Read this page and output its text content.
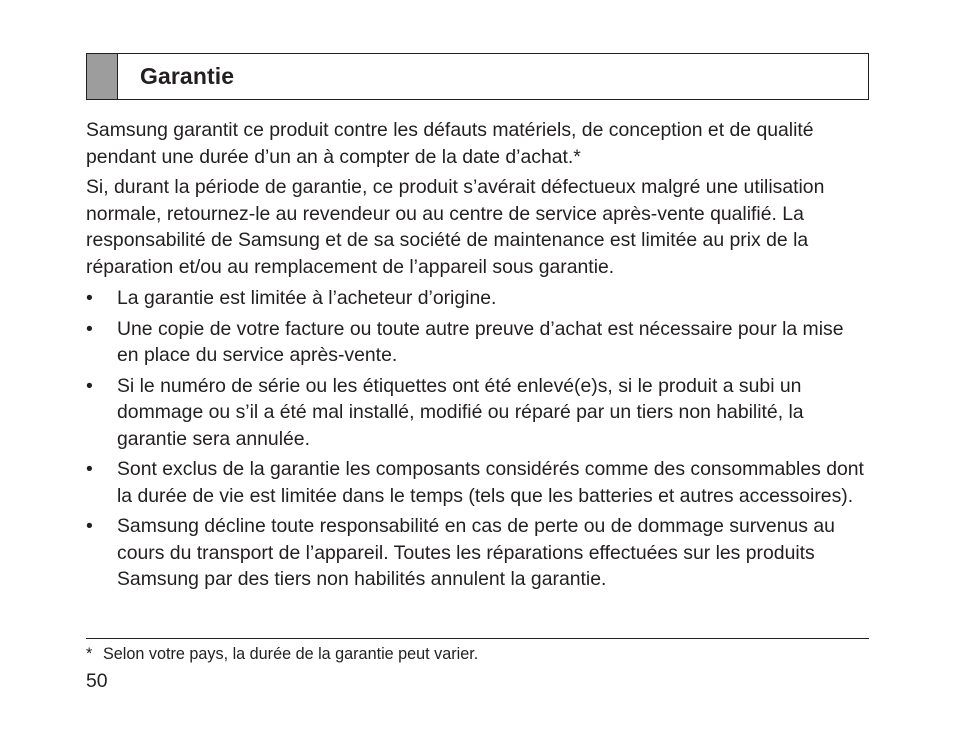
Garantie

Samsung garantit ce produit contre les défauts matériels, de conception et de qualité pendant une durée d’un an à compter de la date d’achat.*

Si, durant la période de garantie, ce produit s’avérait défectueux malgré une utilisation normale, retournez-le au revendeur ou au centre de service après-vente qualifié. La responsabilité de Samsung et de sa société de maintenance est limitée au prix de la réparation et/ou au remplacement de l’appareil sous garantie.

• La garantie est limitée à l’acheteur d’origine.
• Une copie de votre facture ou toute autre preuve d’achat est nécessaire pour la mise en place du service après-vente.
• Si le numéro de série ou les étiquettes ont été enlevé(e)s, si le produit a subi un dommage ou s’il a été mal installé, modifié ou réparé par un tiers non habilité, la garantie sera annulée.
• Sont exclus de la garantie les composants considérés comme des consommables dont la durée de vie est limitée dans le temps (tels que les batteries et autres accessoires).
• Samsung décline toute responsabilité en cas de perte ou de dommage survenus au cours du transport de l’appareil. Toutes les réparations effectuées sur les produits Samsung par des tiers non habilités annulent la garantie.
* Selon votre pays, la durée de la garantie peut varier.
50
